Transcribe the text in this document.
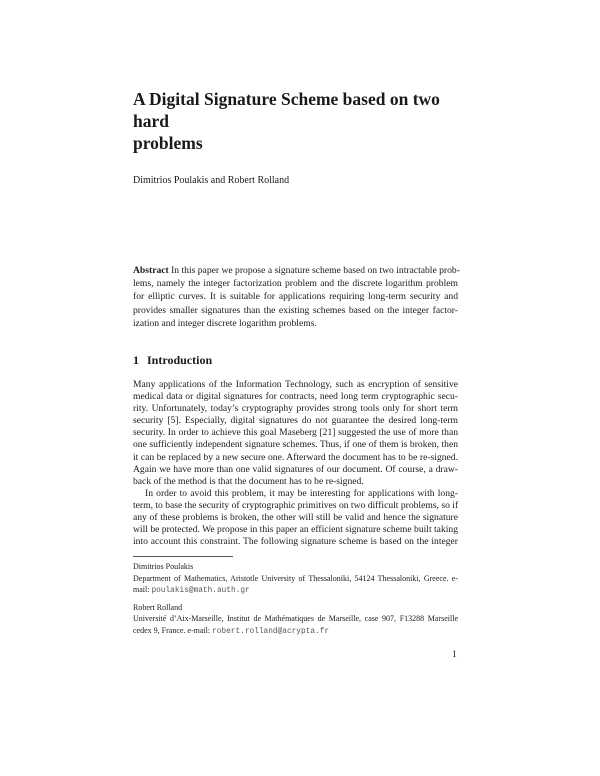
A Digital Signature Scheme based on two hard
problems
Dimitrios Poulakis and Robert Rolland
Abstract In this paper we propose a signature scheme based on two intractable prob-
lems, namely the integer factorization problem and the discrete logarithm problem
for elliptic curves. It is suitable for applications requiring long-term security and
provides smaller signatures than the existing schemes based on the integer factor-
ization and integer discrete logarithm problems.
1 Introduction
Many applications of the Information Technology, such as encryption of sensitive
medical data or digital signatures for contracts, need long term cryptographic secu-
rity. Unfortunately, today’s cryptography provides strong tools only for short term
security [5]. Especially, digital signatures do not guarantee the desired long-term
security. In order to achieve this goal Maseberg [21] suggested the use of more than
one sufficiently independent signature schemes. Thus, if one of them is broken, then
it can be replaced by a new secure one. Afterward the document has to be re-signed.
Again we have more than one valid signatures of our document. Of course, a draw-
back of the method is that the document has to be re-signed.
In order to avoid this problem, it may be interesting for applications with long-
term, to base the security of cryptographic primitives on two difficult problems, so if
any of these problems is broken, the other will still be valid and hence the signature
will be protected. We propose in this paper an efficient signature scheme built taking
into account this constraint. The following signature scheme is based on the integer
Dimitrios Poulakis
Department of Mathematics, Aristotle University of Thessaloniki, 54124 Thessaloniki, Greece. e-
mail: poulakis@math.auth.gr
Robert Rolland
Université d’Aix-Marseille, Institut de Mathématiques de Marseille, case 907, F13288 Marseille
cedex 9, France. e-mail: robert.rolland@acrypta.fr
1
